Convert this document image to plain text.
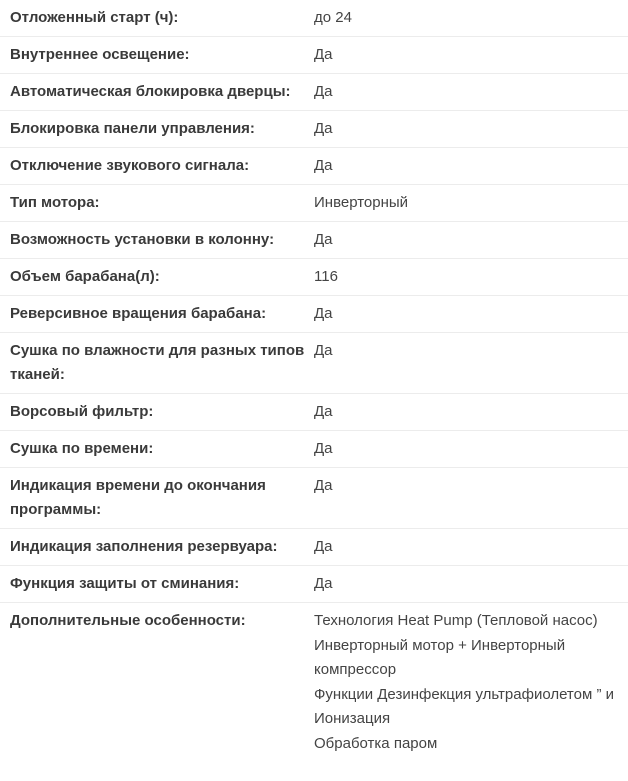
Отложенный старт (ч):	до 24
Внутреннее освещение:	Да
Автоматическая блокировка дверцы:	Да
Блокировка панели управления:	Да
Отключение звукового сигнала:	Да
Тип мотора:	Инверторный
Возможность установки в колонну:	Да
Объем барабана(л):	116
Реверсивное вращения барабана:	Да
Сушка по влажности для разных типов тканей:	Да
Ворсовый фильтр:	Да
Сушка по времени:	Да
Индикация времени до окончания программы:	Да
Индикация заполнения резервуара:	Да
Функция защиты от сминания:	Да
Дополнительные особенности:	Технология Heat Pump (Тепловой насос)
Инверторный мотор + Инверторный компрессор
Функции Дезинфекция ультрафиолетом ” и Ионизация
Обработка паром
